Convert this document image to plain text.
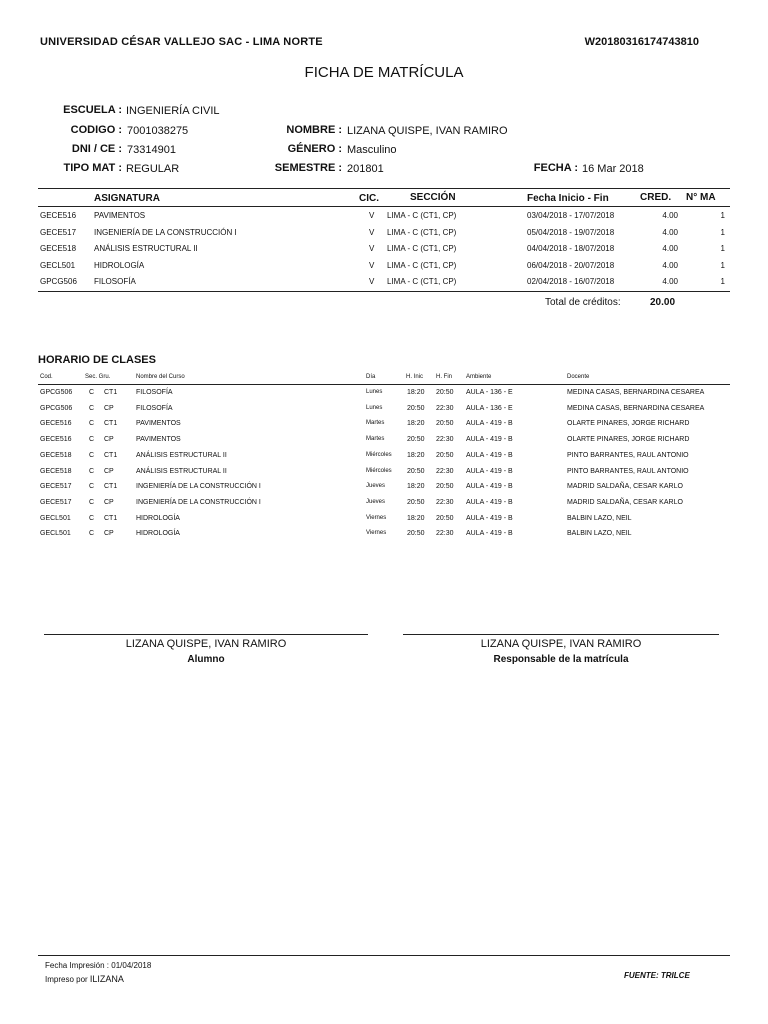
UNIVERSIDAD CÉSAR VALLEJO SAC - LIMA NORTE	W20180316174743810
FICHA DE MATRÍCULA
ESCUELA : INGENIERÍA CIVIL
CODIGO : 7001038275	NOMBRE : LIZANA QUISPE, IVAN RAMIRO
DNI / CE : 73314901	GÉNERO : Masculino
TIPO MAT : REGULAR	SEMESTRE : 201801	FECHA : 16 Mar 2018
ASIGNATURA	CIC.	SECCIÓN	Fecha Inicio - Fin	CRED. N° MA
GECE516 PAVIMENTOS	V LIMA - C (CT1, CP)	03/04/2018 - 17/07/2018	4.00	1
GECE517 INGENIERÍA DE LA CONSTRUCCIÓN I	V LIMA - C (CT1, CP)	05/04/2018 - 19/07/2018	4.00	1
GECE518 ANÁLISIS ESTRUCTURAL II	V LIMA - C (CT1, CP)	04/04/2018 - 18/07/2018	4.00	1
GECL501 HIDROLOGÍA	V LIMA - C (CT1, CP)	06/04/2018 - 20/07/2018	4.00	1
GPCG506 FILOSOFÍA	V LIMA - C (CT1, CP)	02/04/2018 - 16/07/2018	4.00	1
Total de créditos:	20.00
HORARIO DE CLASES
Cod.	Sec. Gru.	Nombre del Curso	Día	H. Inic H. Fin Ambiente	Docente
GPCG506 C CT1	FILOSOFÍA	Lunes	18:20 20:50 AULA - 136 - E	MEDINA CASAS, BERNARDINA CESAREA
GPCG506 C CP	FILOSOFÍA	Lunes	20:50 22:30 AULA - 136 - E	MEDINA CASAS, BERNARDINA CESAREA
GECE516 C CT1	PAVIMENTOS	Martes	18:20 20:50 AULA - 419 - B	OLARTE PINARES, JORGE RICHARD
GECE516 C CP	PAVIMENTOS	Martes	20:50 22:30 AULA - 419 - B	OLARTE PINARES, JORGE RICHARD
GECE518 C CT1	ANÁLISIS ESTRUCTURAL II	Miércoles 18:20 20:50 AULA - 419 - B	PINTO BARRANTES, RAUL ANTONIO
GECE518 C CP	ANÁLISIS ESTRUCTURAL II	Miércoles 20:50 22:30 AULA - 419 - B	PINTO BARRANTES, RAUL ANTONIO
GECE517 C CT1	INGENIERÍA DE LA CONSTRUCCIÓN I	Jueves	18:20 20:50 AULA - 419 - B	MADRID SALDAÑA, CESAR KARLO
GECE517 C CP	INGENIERÍA DE LA CONSTRUCCIÓN I	Jueves	20:50 22:30 AULA - 419 - B	MADRID SALDAÑA, CESAR KARLO
GECL501	C CT1	HIDROLOGÍA	Viernes	18:20 20:50 AULA - 419 - B	BALBIN LAZO, NEIL
GECL501	C CP	HIDROLOGÍA	Viernes	20:50 22:30 AULA - 419 - B	BALBIN LAZO, NEIL
LIZANA QUISPE, IVAN RAMIRO
Alumno
LIZANA QUISPE, IVAN RAMIRO
Responsable de la matrícula
Fecha Impresión : 01/04/2018
Impreso por ILIZANA	FUENTE: TRILCE
